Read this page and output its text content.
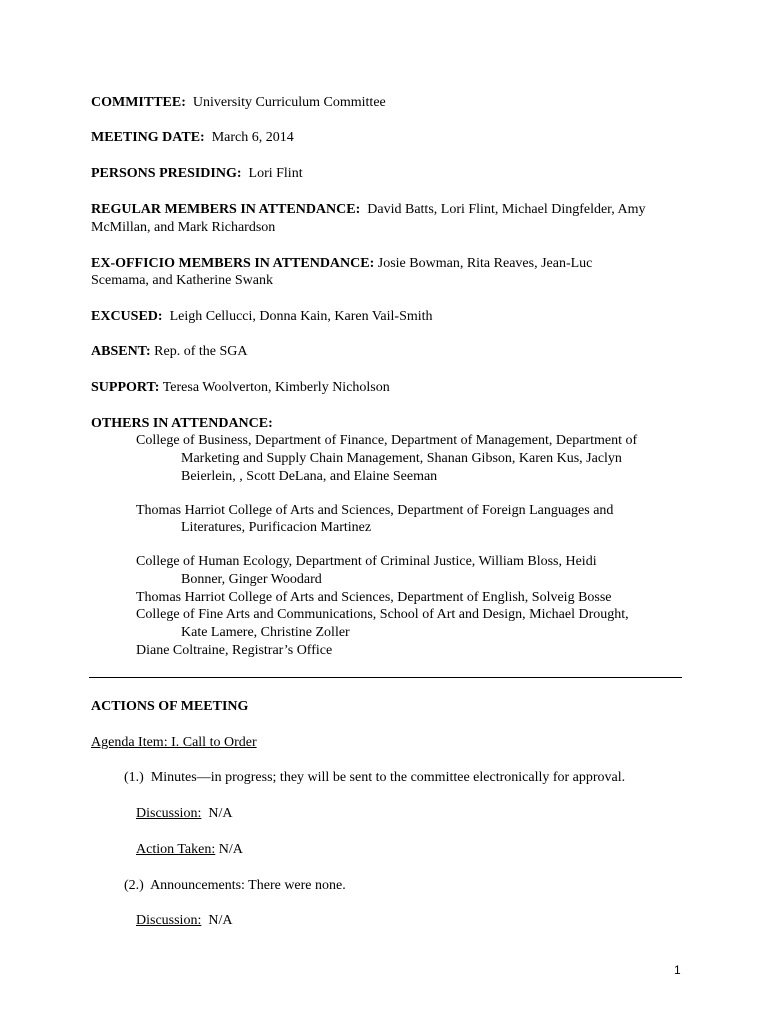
COMMITTEE: University Curriculum Committee
MEETING DATE: March 6, 2014
PERSONS PRESIDING: Lori Flint
REGULAR MEMBERS IN ATTENDANCE: David Batts, Lori Flint, Michael Dingfelder, Amy
McMillan, and Mark Richardson
EX-OFFICIO MEMBERS IN ATTENDANCE: Josie Bowman, Rita Reaves, Jean-Luc
Scemama, and Katherine Swank
EXCUSED: Leigh Cellucci, Donna Kain, Karen Vail-Smith
ABSENT: Rep. of the SGA
SUPPORT: Teresa Woolverton, Kimberly Nicholson
OTHERS IN ATTENDANCE:
College of Business, Department of Finance, Department of Management, Department of
Marketing and Supply Chain Management, Shanan Gibson, Karen Kus, Jaclyn
Beierlein, , Scott DeLana, and Elaine Seeman
Thomas Harriot College of Arts and Sciences, Department of Foreign Languages and
Literatures, Purificacion Martinez
College of Human Ecology, Department of Criminal Justice, William Bloss, Heidi
Bonner, Ginger Woodard
Thomas Harriot College of Arts and Sciences, Department of English, Solveig Bosse
College of Fine Arts and Communications, School of Art and Design, Michael Drought,
Kate Lamere, Christine Zoller
Diane Coltraine, Registrar’s Office
ACTIONS OF MEETING
Agenda Item: I. Call to Order
(1.) Minutes—in progress; they will be sent to the committee electronically for approval.
Discussion: N/A
Action Taken: N/A
(2.) Announcements: There were none.
Discussion: N/A
1
